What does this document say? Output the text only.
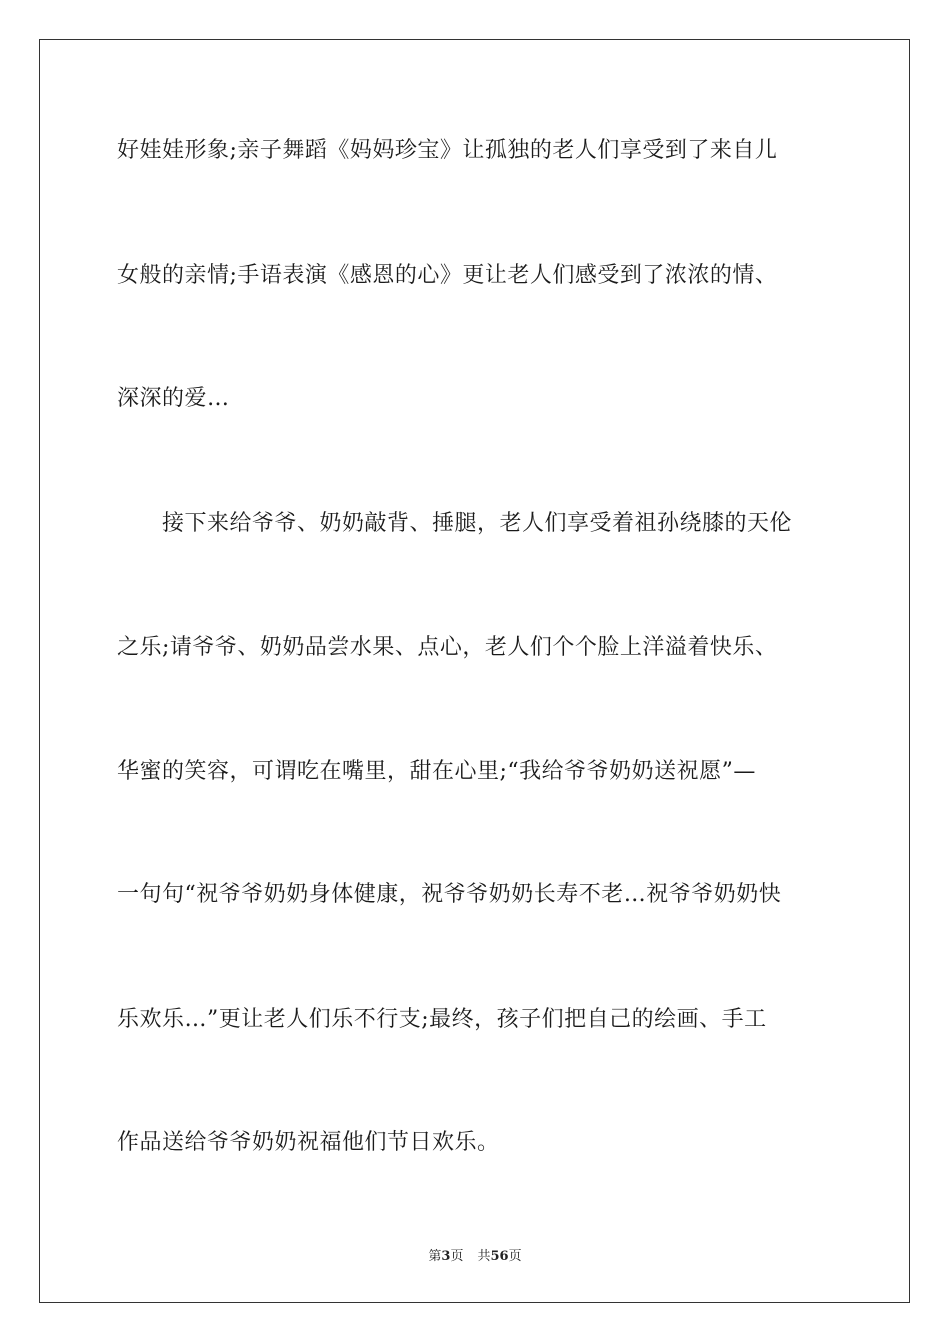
好娃娃形象;亲子舞蹈《妈妈珍宝》让孤独的老人们享受到了来自儿
女般的亲情;手语表演《感恩的心》更让老人们感受到了浓浓的情、
深深的爱…
接下来给爷爷、奶奶敲背、捶腿，老人们享受着祖孙绕膝的天伦
之乐;请爷爷、奶奶品尝水果、点心，老人们个个脸上洋溢着快乐、
华蜜的笑容，可谓吃在嘴里，甜在心里;“我给爷爷奶奶送祝愿”—
一句句“祝爷爷奶奶身体健康，祝爷爷奶奶长寿不老…祝爷爷奶奶快
乐欢乐…”更让老人们乐不行支;最终，孩子们把自己的绘画、手工
作品送给爷爷奶奶祝福他们节日欢乐。
第3页 共56页
